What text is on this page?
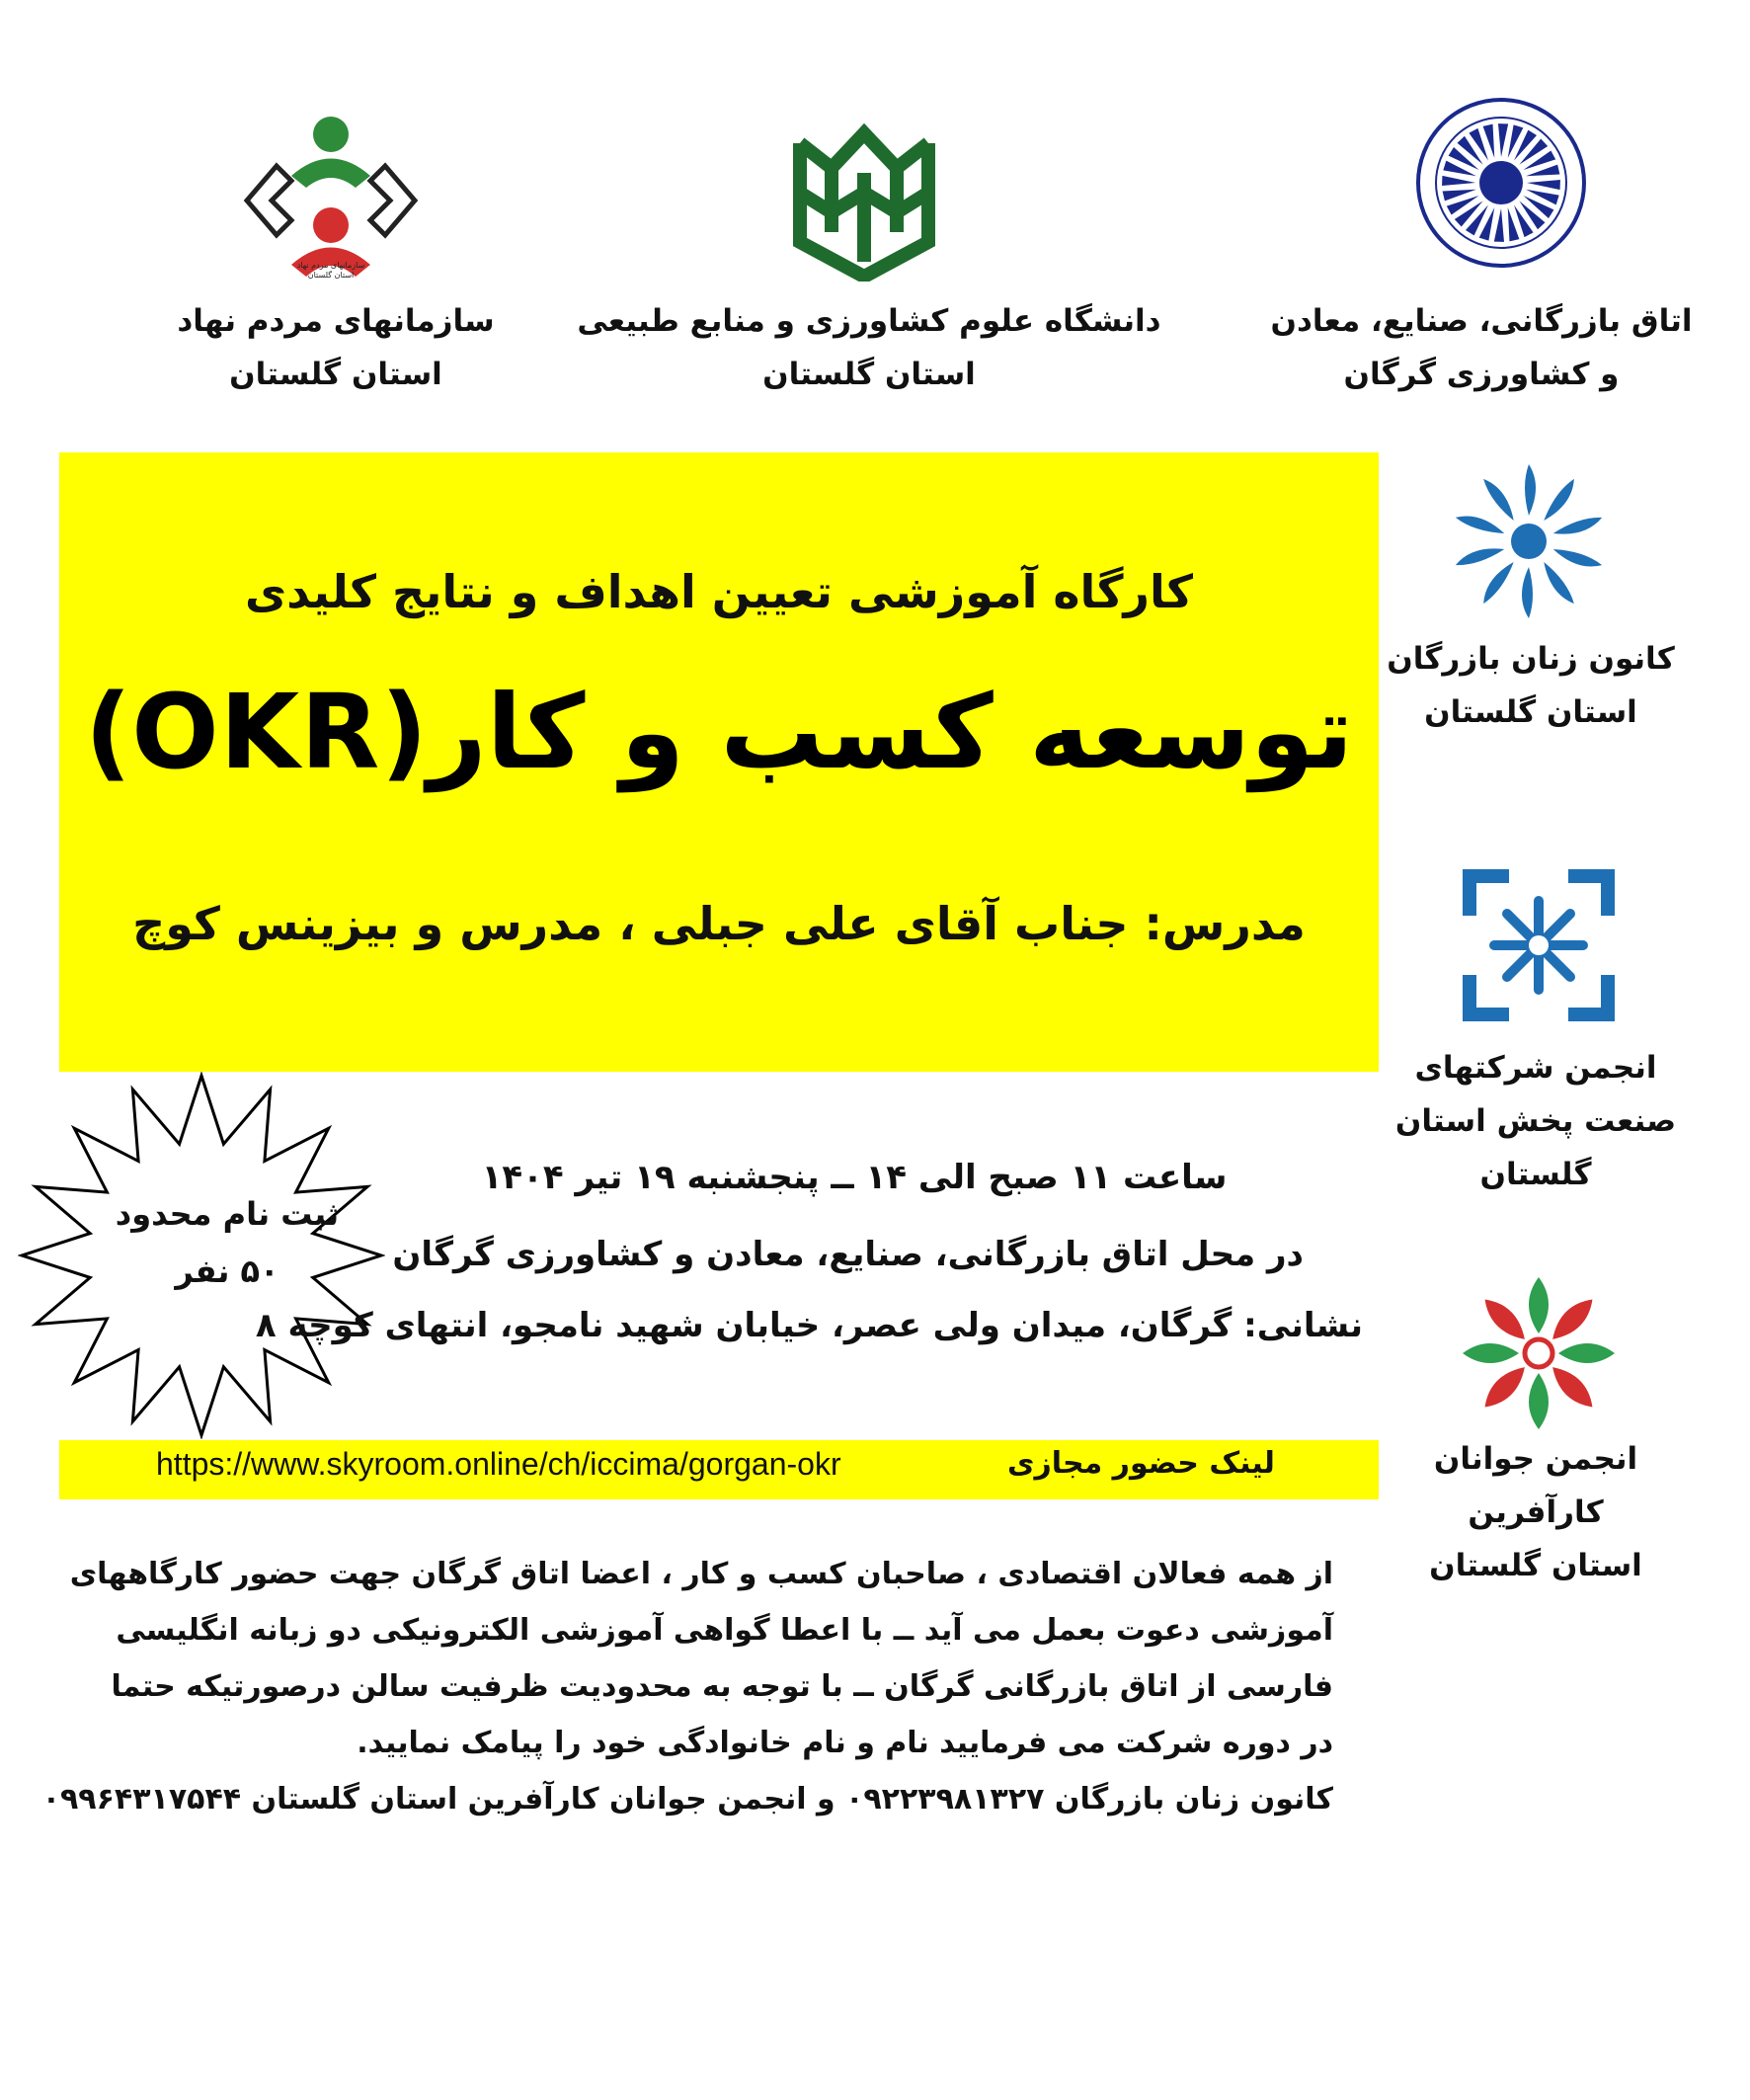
اتاق بازرگانی، صنایع، معادن
و کشاورزی گرگان
دانشگاه علوم کشاورزی و منابع طبیعی
استان گلستان
سازمانهای مردم نهاد استان گلستان
سازمانهای مردم نهاد
استان گلستان
کارگاه آموزشی تعیین اهداف و نتایج کلیدی
توسعه کسب و کار(OKR)
مدرس: جناب آقای علی جبلی ، مدرس و بیزینس کوچ
کانون زنان بازرگان
استان گلستان
انجمن شرکتهای
صنعت پخش استان
گلستان
انجمن جوانان
کارآفرین
استان گلستان
ثبت نام محدود
۵۰ نفر
ساعت ۱۱ صبح الی ۱۴ ــ پنجشنبه ۱۹ تیر ۱۴۰۴
در محل اتاق بازرگانی، صنایع، معادن و کشاورزی گرگان
نشانی: گرگان، میدان ولی عصر، خیابان شهید نامجو، انتهای کوچه ۸
https://www.skyroom.online/ch/iccima/gorgan-okr	لینک حضور مجازی
از همه فعالان اقتصادی ، صاحبان کسب و کار ، اعضا اتاق گرگان جهت حضور کارگاههای
آموزشی دعوت بعمل می آید ــ با اعطا گواهی آموزشی الکترونیکی دو زبانه انگلیسی
فارسی از اتاق بازرگانی گرگان ــ با توجه به محدودیت ظرفیت سالن درصورتیکه حتما
در دوره شرکت می فرمایید نام و نام خانوادگی خود را پیامک نمایید.
کانون زنان بازرگان ۰۹۲۲۳۹۸۱۳۲۷ و انجمن جوانان کارآفرین استان گلستان ۰۹۹۶۴۳۱۷۵۴۴
